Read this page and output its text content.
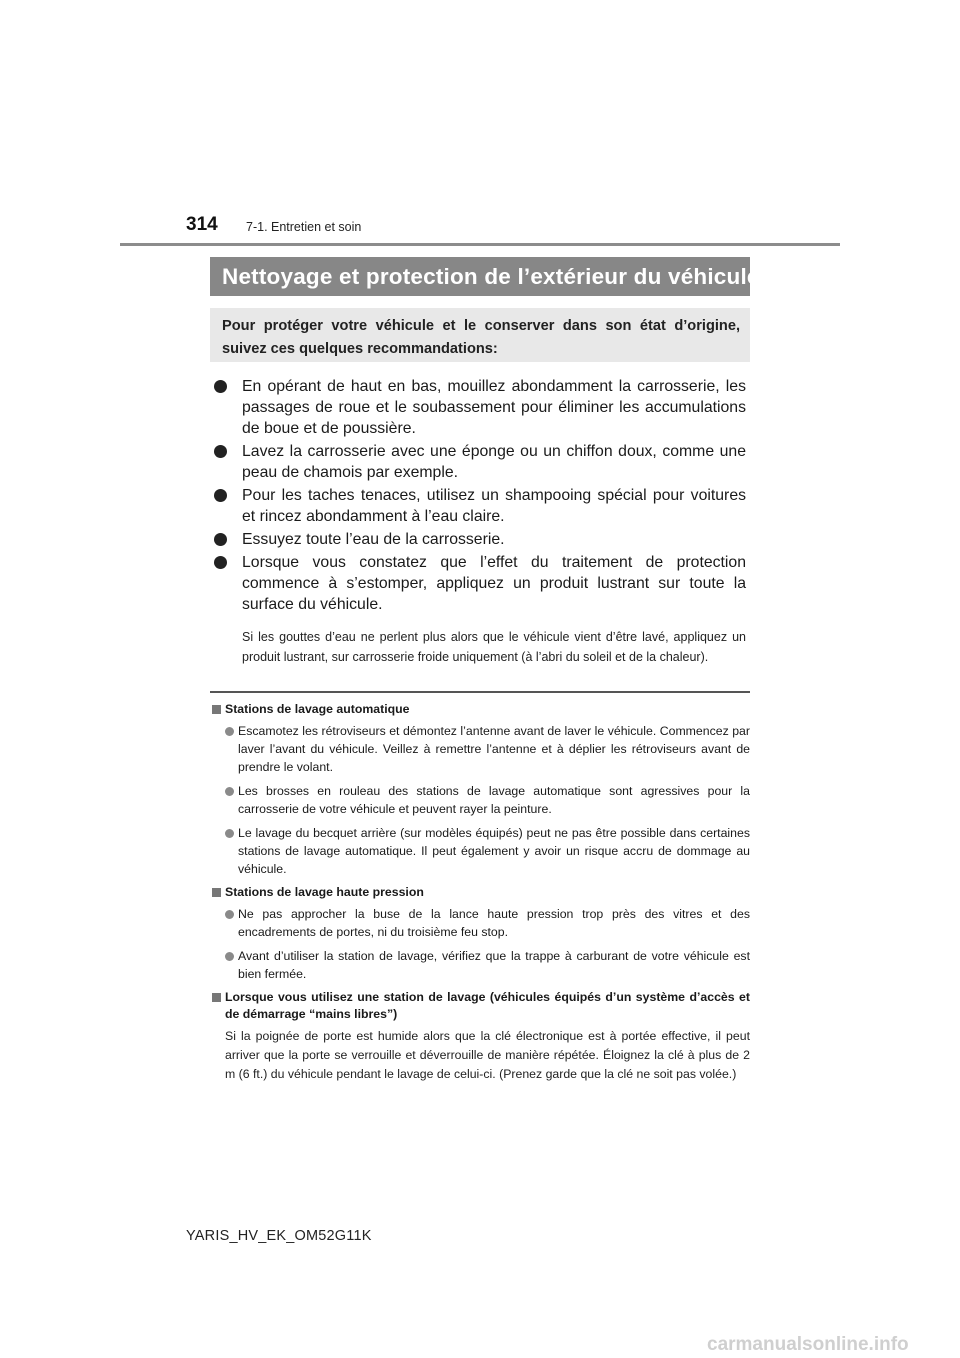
314 7-1. Entretien et soin
Nettoyage et protection de l’extérieur du véhicule
Pour protéger votre véhicule et le conserver dans son état d’origine, suivez ces quelques recommandations:
En opérant de haut en bas, mouillez abondamment la carrosserie, les passages de roue et le soubassement pour éliminer les accumulations de boue et de poussière.
Lavez la carrosserie avec une éponge ou un chiffon doux, comme une peau de chamois par exemple.
Pour les taches tenaces, utilisez un shampooing spécial pour voitures et rincez abondamment à l’eau claire.
Essuyez toute l’eau de la carrosserie.
Lorsque vous constatez que l’effet du traitement de protection commence à s’estomper, appliquez un produit lustrant sur toute la surface du véhicule.
Si les gouttes d’eau ne perlent plus alors que le véhicule vient d’être lavé, appliquez un produit lustrant, sur carrosserie froide uniquement (à l’abri du soleil et de la chaleur).
Stations de lavage automatique
Escamotez les rétroviseurs et démontez l’antenne avant de laver le véhicule. Commencez par laver l’avant du véhicule. Veillez à remettre l’antenne et à déplier les rétroviseurs avant de prendre le volant.
Les brosses en rouleau des stations de lavage automatique sont agressives pour la carrosserie de votre véhicule et peuvent rayer la peinture.
Le lavage du becquet arrière (sur modèles équipés) peut ne pas être possible dans certaines stations de lavage automatique. Il peut également y avoir un risque accru de dommage au véhicule.
Stations de lavage haute pression
Ne pas approcher la buse de la lance haute pression trop près des vitres et des encadrements de portes, ni du troisième feu stop.
Avant d’utiliser la station de lavage, vérifiez que la trappe à carburant de votre véhicule est bien fermée.
Lorsque vous utilisez une station de lavage (véhicules équipés d’un système d’accès et de démarrage “mains libres”)
Si la poignée de porte est humide alors que la clé électronique est à portée effective, il peut arriver que la porte se verrouille et déverrouille de manière répétée. Éloignez la clé à plus de 2 m (6 ft.) du véhicule pendant le lavage de celui-ci. (Prenez garde que la clé ne soit pas volée.)
YARIS_HV_EK_OM52G11K
carmanualsonline.info
